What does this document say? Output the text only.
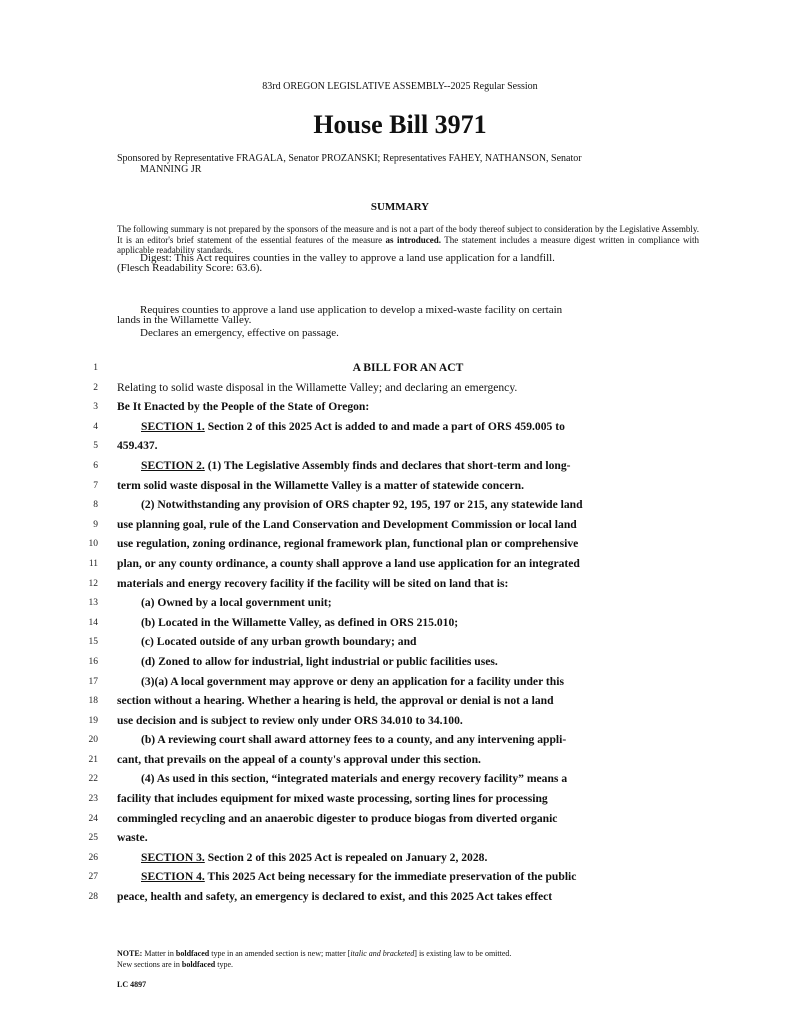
83rd OREGON LEGISLATIVE ASSEMBLY--2025 Regular Session
House Bill 3971
Sponsored by Representative FRAGALA, Senator PROZANSKI; Representatives FAHEY, NATHANSON, Senator
MANNING JR
SUMMARY
The following summary is not prepared by the sponsors of the measure and is not a part of the body thereof subject to consideration by the Legislative Assembly. It is an editor's brief statement of the essential features of the measure as introduced. The statement includes a measure digest written in compliance with applicable readability standards.
Digest: This Act requires counties in the valley to approve a land use application for a landfill.
(Flesch Readability Score: 63.6).
Requires counties to approve a land use application to develop a mixed-waste facility on certain
lands in the Willamette Valley.
Declares an emergency, effective on passage.
1	A BILL FOR AN ACT
2 Relating to solid waste disposal in the Willamette Valley; and declaring an emergency.
3 Be It Enacted by the People of the State of Oregon:
4	SECTION 1. Section 2 of this 2025 Act is added to and made a part of ORS 459.005 to
5 459.437.
6	SECTION 2. (1) The Legislative Assembly finds and declares that short-term and long-
7 term solid waste disposal in the Willamette Valley is a matter of statewide concern.
8	(2) Notwithstanding any provision of ORS chapter 92, 195, 197 or 215, any statewide land
9 use planning goal, rule of the Land Conservation and Development Commission or local land
10 use regulation, zoning ordinance, regional framework plan, functional plan or comprehensive
11 plan, or any county ordinance, a county shall approve a land use application for an integrated
12 materials and energy recovery facility if the facility will be sited on land that is:
13	(a) Owned by a local government unit;
14	(b) Located in the Willamette Valley, as defined in ORS 215.010;
15	(c) Located outside of any urban growth boundary; and
16	(d) Zoned to allow for industrial, light industrial or public facilities uses.
17	(3)(a) A local government may approve or deny an application for a facility under this
18 section without a hearing. Whether a hearing is held, the approval or denial is not a land
19 use decision and is subject to review only under ORS 34.010 to 34.100.
20	(b) A reviewing court shall award attorney fees to a county, and any intervening appli-
21 cant, that prevails on the appeal of a county's approval under this section.
22	(4) As used in this section, “integrated materials and energy recovery facility” means a
23 facility that includes equipment for mixed waste processing, sorting lines for processing
24 commingled recycling and an anaerobic digester to produce biogas from diverted organic
25 waste.
26	SECTION 3. Section 2 of this 2025 Act is repealed on January 2, 2028.
27	SECTION 4. This 2025 Act being necessary for the immediate preservation of the public
28 peace, health and safety, an emergency is declared to exist, and this 2025 Act takes effect
NOTE: Matter in boldfaced type in an amended section is new; matter [italic and bracketed] is existing law to be omitted.
New sections are in boldfaced type.
LC 4897
